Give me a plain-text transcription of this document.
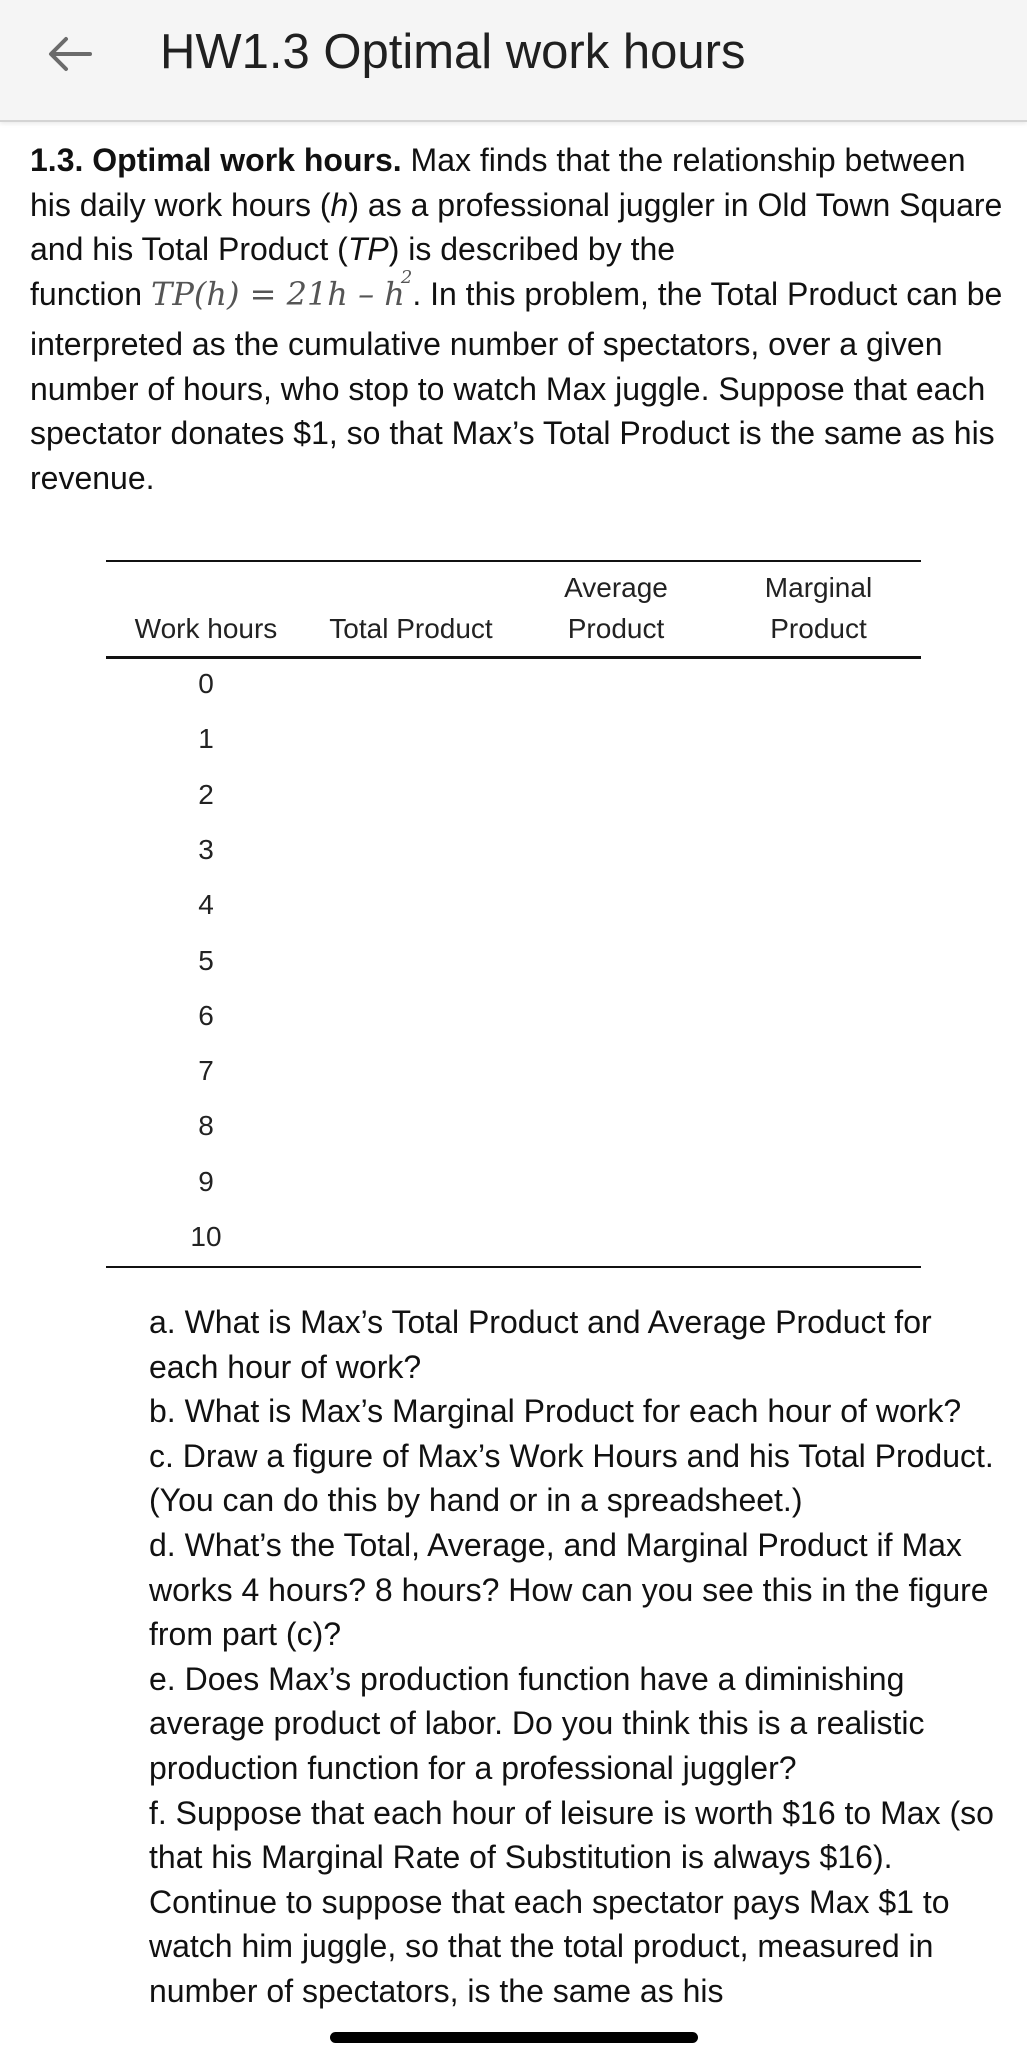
HW1.3 Optimal work hours

1.3. Optimal work hours. Max finds that the relationship between his daily work hours (h) as a professional juggler in Old Town Square and his Total Product (TP) is described by the

function $TP(h) = 21h - h^2$. In this problem, the Total Product can be interpreted as the cumulative number of spectators, over a given number of hours, who stop to watch Max juggle. Suppose that each spectator donates $1, so that Max’s Total Product is the same as his revenue.

Work hours	Total Product
Average
Product
Marginal
Product
0
1
2
3
4
5
6
7
8
9
10

a. What is Max’s Total Product and Average Product for each hour of work?

b. What is Max’s Marginal Product for each hour of work?

c. Draw a figure of Max’s Work Hours and his Total Product. (You can do this by hand or in a spreadsheet.)

d. What’s the Total, Average, and Marginal Product if Max works 4 hours? 8 hours? How can you see this in the figure from part (c)?

e. Does Max’s production function have a diminishing average product of labor. Do you think this is a realistic production function for a professional juggler?

f. Suppose that each hour of leisure is worth $16 to Max (so that his Marginal Rate of Substitution is always $16). Continue to suppose that each spectator pays Max $1 to watch him juggle, so that the total product, measured in number of spectators, is the same as his
